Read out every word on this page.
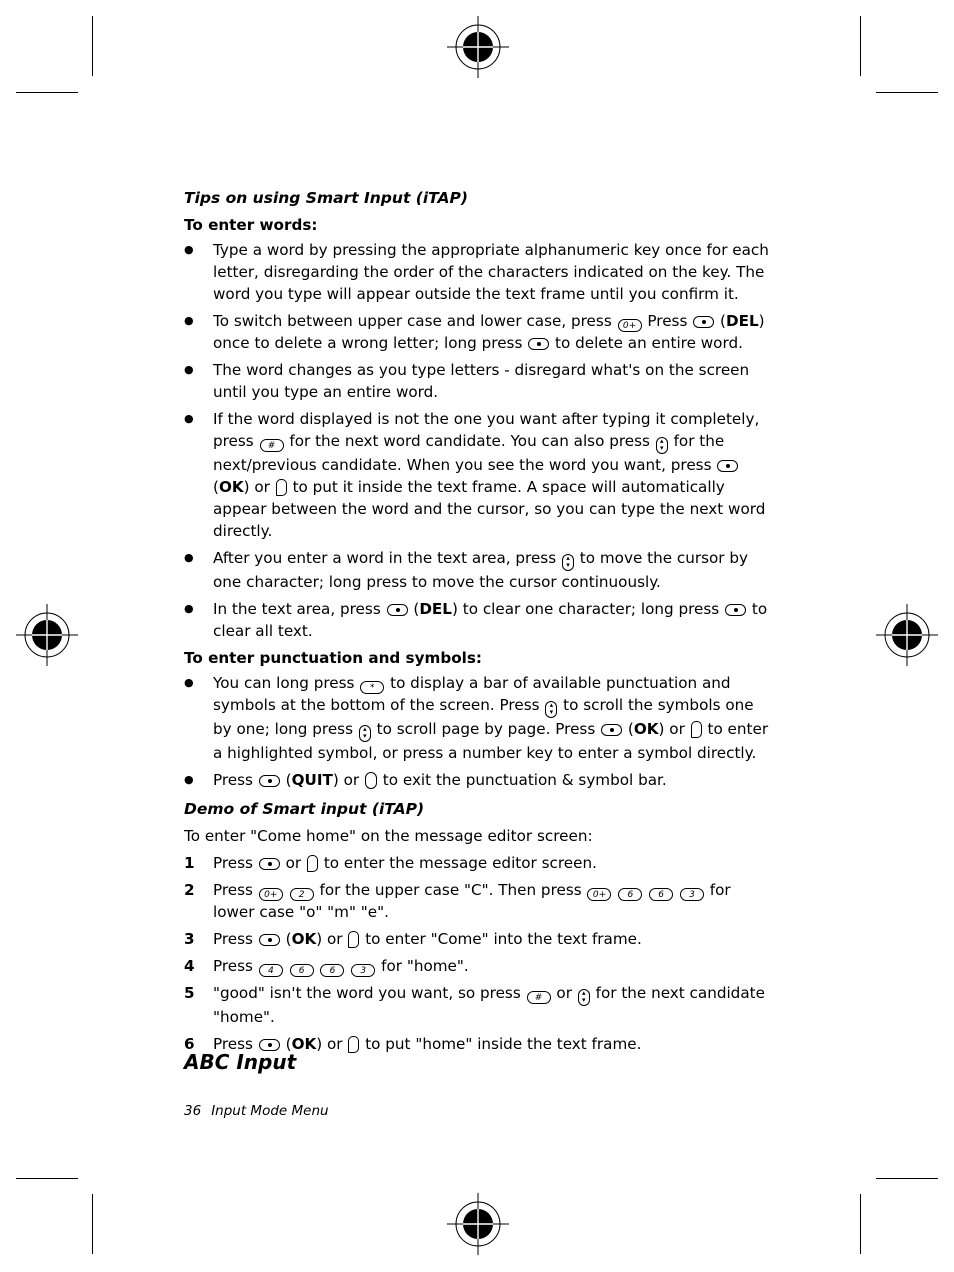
Tips on using Smart Input (iTAP)

To enter words:

● Type a word by pressing the appropriate alphanumeric key once for each letter, disregarding the order of the characters indicated on the key. The word you type will appear outside the text frame until you confirm it.
● To switch between upper case and lower case, press 0+ Press  (DEL) once to delete a wrong letter; long press  to delete an entire word.
● The word changes as you type letters - disregard what's on the screen until you type an entire word.
● If the word displayed is not the one you want after typing it completely, press # for the next word candidate. You can also press ▴
▾ for the next/previous candidate. When you see the word you want, press  (OK) or  to put it inside the text frame. A space will automatically appear between the word and the cursor, so you can type the next word directly.
● After you enter a word in the text area, press ▴
▾ to move the cursor by one character; long press to move the cursor continuously.
● In the text area, press  (DEL) to clear one character; long press  to clear all text.

To enter punctuation and symbols:

● You can long press * to display a bar of available punctuation and symbols at the bottom of the screen. Press ▴
▾ to scroll the symbols one by one; long press ▴
▾ to scroll page by page. Press  (OK) or  to enter a highlighted symbol, or press a number key to enter a symbol directly.
● Press  (QUIT) or  to exit the punctuation & symbol bar.

Demo of Smart input (iTAP)

To enter "Come home" on the message editor screen:

1 Press  or  to enter the message editor screen.
2 Press 0+ 2 for the upper case "C". Then press 0+ 6	6	3 for lower case "o" "m" "e".
3 Press  (OK) or  to enter "Come" into the text frame.
4 Press 4	6	6	3 for "home".
5 "good" isn't the word you want, so press # or ▴
▾ for the next candidate "home".
6 Press  (OK) or  to put "home" inside the text frame.

ABC Input

36 Input Mode Menu
